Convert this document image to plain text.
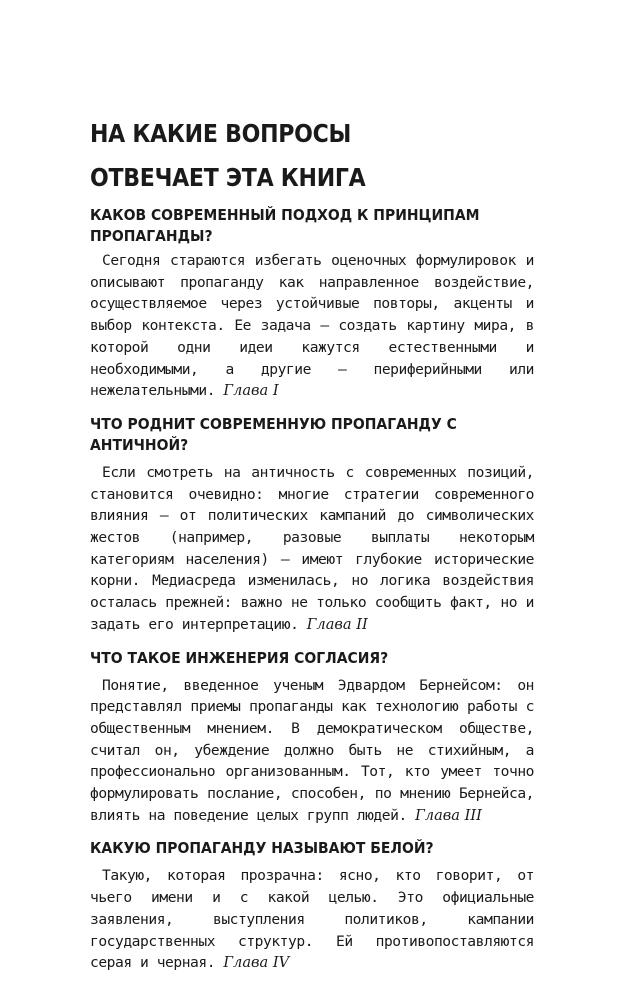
НА КАКИЕ ВОПРОСЫ
ОТВЕЧАЕТ ЭТА КНИГА
КАКОВ СОВРЕМЕННЫЙ ПОДХОД К ПРИНЦИПАМ ПРОПАГАНДЫ?

Сегодня стараются избегать оценочных формулировок и описывают пропаганду как направленное воздействие, осуществляемое через устойчивые повторы, акценты и выбор контекста. Ее задача — создать картину мира, в которой одни идеи кажутся естественными и необходимыми, а другие — периферийными или нежелательными. Глава I

ЧТО РОДНИТ СОВРЕМЕННУЮ ПРОПАГАНДУ С АНТИЧНОЙ?

Если смотреть на античность с современных позиций, становится очевидно: многие стратегии современного влияния — от политических кампаний до символических жестов (например, разовые выплаты некоторым категориям населения) — имеют глубокие исторические корни. Медиасреда изменилась, но логика воздействия осталась прежней: важно не только сообщить факт, но и задать его интерпретацию. Глава II

ЧТО ТАКОЕ ИНЖЕНЕРИЯ СОГЛАСИЯ?

Понятие, введенное ученым Эдвардом Бернейсом: он представлял приемы пропаганды как технологию работы с общественным мнением. В демократическом обществе, считал он, убеждение должно быть не стихийным, а профессионально организованным. Тот, кто умеет точно формулировать послание, способен, по мнению Бернейса, влиять на поведение целых групп людей. Глава III

КАКУЮ ПРОПАГАНДУ НАЗЫВАЮТ БЕЛОЙ?

Такую, которая прозрачна: ясно, кто говорит, от чьего имени и с какой целью. Это официальные заявления, выступления политиков, кампании государственных структур. Ей противопоставляются серая и черная. Глава IV
